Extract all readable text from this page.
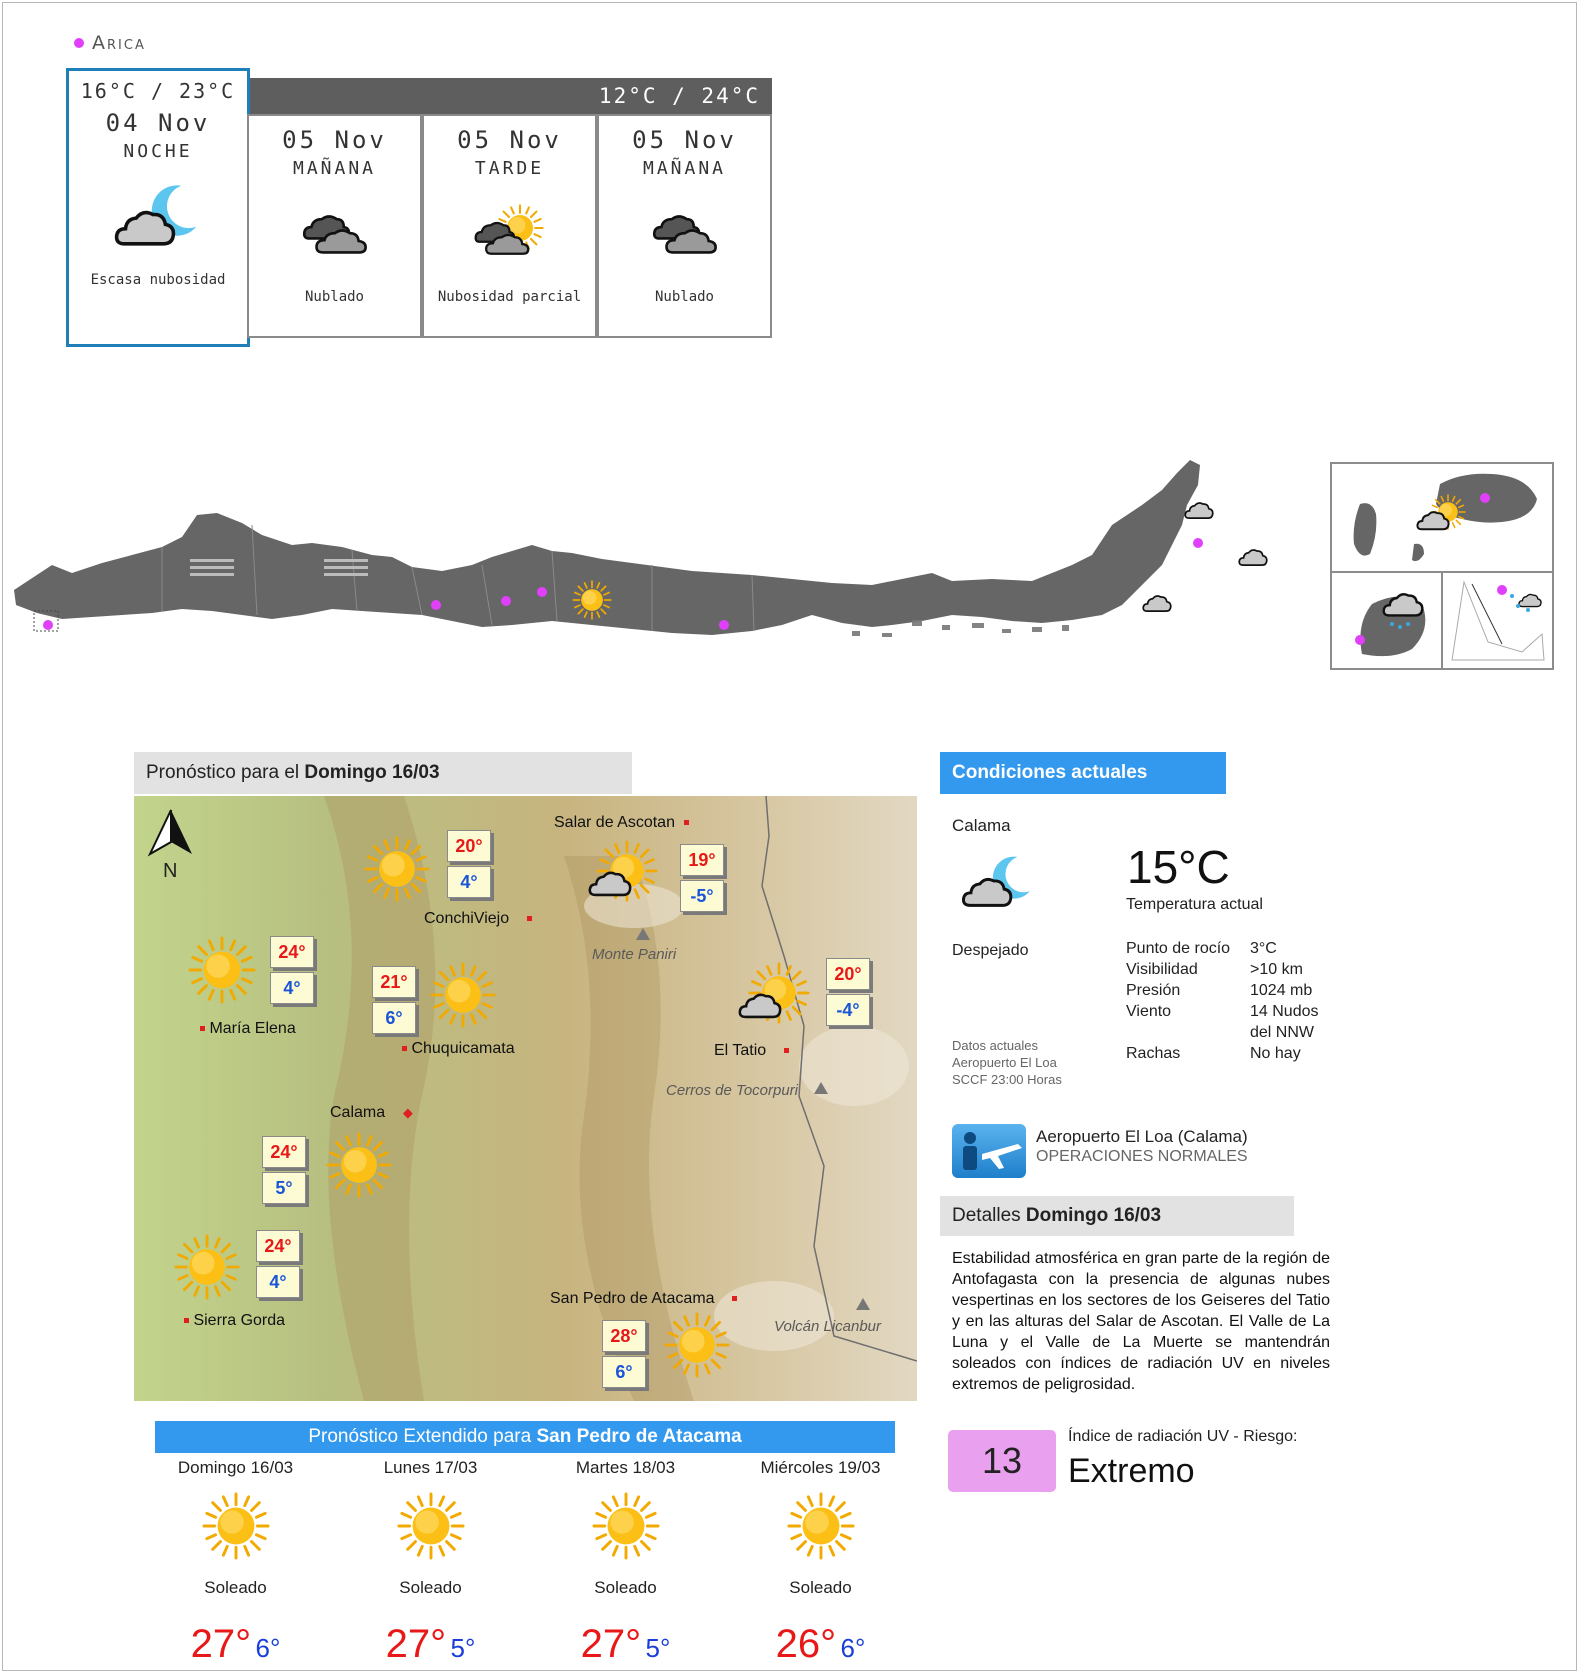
Arica
12°C / 24°C
16°C / 23°C
04 Nov
NOCHE
Escasa nubosidad
05 Nov
MAÑANA
Nublado
05 Nov
TARDE
Nubosidad parcial
05 Nov
MAÑANA
Nublado
Pronóstico para el Domingo 16/03
N
Salar de Ascotan
ConchiViejo
Monte Paniri
María Elena
Chuquicamata	El Tatio
Cerros de Tocorpuri
Calama ◆
Sierra Gorda
San Pedro de Atacama
Volcán Licanbur
20°
4°
19°
-5°
24°
4°	21°
6°
20°
-4°
24°
5°
24°
4°
28°
6°
Condiciones actuales
Calama
15°C
Temperatura actual
Despejado	Punto de rocío	3°C
Visibilidad	>10 km
Presión	1024 mb
Viento	14 Nudos del NNW
Rachas	No hay
Datos actuales
Aeropuerto El Loa
SCCF 23:00 Horas
Aeropuerto El Loa (Calama)
OPERACIONES NORMALES
Detalles Domingo 16/03
Estabilidad atmosférica en gran parte de la región de Antofagasta con la presencia de algunas nubes vespertinas en los sectores de los Geiseres del Tatio y en las alturas del Salar de Ascotan. El Valle de La Luna y el Valle de La Muerte se mantendrán soleados con índices de radiación UV en niveles extremos de peligrosidad.
13
Índice de radiación UV - Riesgo:
Extremo
Pronóstico Extendido para San Pedro de Atacama
Domingo 16/03
Soleado
27° 6°
Lunes 17/03
Soleado
27° 5°
Martes 18/03
Soleado
27° 5°
Miércoles 19/03
Soleado
26° 6°
